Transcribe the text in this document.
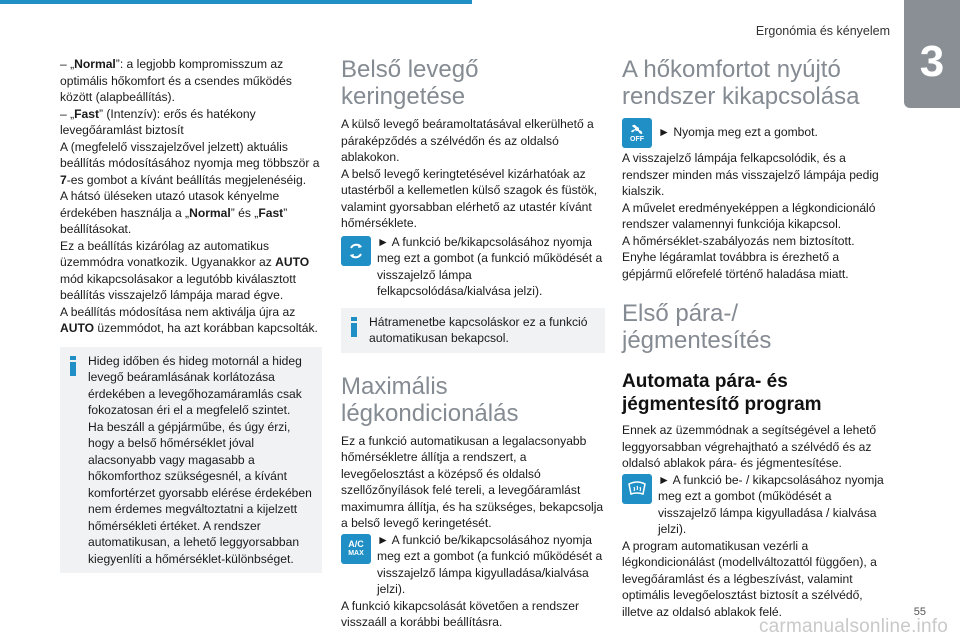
Ergonómia és kényelem
3

– „Normal”: a legjobb kompromisszum az optimális hőkomfort és a csendes működés között (alapbeállítás).

– „Fast” (Intenzív): erős és hatékony levegőáramlást biztosít

A (megfelelő visszajelzővel jelzett) aktuális beállítás módosításához nyomja meg többször a 7-es gombot a kívánt beállítás megjelenéséig.

A hátsó üléseken utazó utasok kényelme érdekében használja a „Normal” és „Fast” beállításokat.

Ez a beállítás kizárólag az automatikus üzemmódra vonatkozik. Ugyanakkor az AUTO mód kikapcsolásakor a legutóbb kiválasztott beállítás visszajelző lámpája marad égve.

A beállítás módosítása nem aktiválja újra az AUTO üzemmódot, ha azt korábban kapcsolták.

Hideg időben és hideg motornál a hideg levegő beáramlásának korlátozása érdekében a levegőhozamáramlás csak fokozatosan éri el a megfelelő szintet.
Ha beszáll a gépjárműbe, és úgy érzi, hogy a belső hőmérséklet jóval alacsonyabb vagy magasabb a hőkomforthoz szükségesnél, a kívánt komfortérzet gyorsabb elérése érdekében nem érdemes megváltoztatni a kijelzett hőmérsékleti értéket. A rendszer automatikusan, a lehető leggyorsabban kiegyenlíti a hőmérséklet-különbséget.

Belső levegő keringetése

A külső levegő beáramoltatásával elkerülhető a páraképződés a szélvédőn és az oldalsó ablakokon.
A belső levegő keringtetésével kizárhatóak az utastérből a kellemetlen külső szagok és füstök, valamint gyorsabban elérhető az utastér kívánt hőmérséklete.

► A funkció be/kikapcsolásához nyomja meg ezt a gombot (a funkció működését a visszajelző lámpa felkapcsolódása/kialvása jelzi).

Hátramenetbe kapcsoláskor ez a funkció automatikusan bekapcsol.

Maximális légkondicionálás

Ez a funkció automatikusan a legalacsonyabb hőmérsékletre állítja a rendszert, a levegőelosztást a középső és oldalsó szellőzőnyílások felé tereli, a levegőáramlást maximumra állítja, és ha szükséges, bekapcsolja a belső levegő keringetését.

A/C
MAX

► A funkció be/kikapcsolásához nyomja meg ezt a gombot (a funkció működését a visszajelző lámpa kigyulladása/kialvása jelzi).

A funkció kikapcsolását követően a rendszer visszaáll a korábbi beállításra.

A hőkomfortot nyújtó rendszer kikapcsolása
OFF	► Nyomja meg ezt a gombot.

A visszajelző lámpája felkapcsolódik, és a rendszer minden más visszajelző lámpája pedig kialszik.
A művelet eredményeképpen a légkondicionáló rendszer valamennyi funkciója kikapcsol.
A hőmérséklet-szabályozás nem biztosított.
Enyhe légáramlat továbbra is érezhető a gépjármű előrefelé történő haladása miatt.

Első pára-/ jégmentesítés
Automata pára- és jégmentesítő program

Ennek az üzemmódnak a segítségével a lehető leggyorsabban végrehajtható a szélvédő és az oldalsó ablakok pára- és jégmentesítése.

► A funkció be- / kikapcsolásához nyomja meg ezt a gombot (működését a visszajelző lámpa kigyulladása / kialvása jelzi).

A program automatikusan vezérli a légkondicionálást (modellváltozattól függően), a levegőáramlást és a légbeszívást, valamint optimális levegőelosztást biztosít a szélvédő, illetve az oldalsó ablakok felé.	55
carmanualsonline.info
